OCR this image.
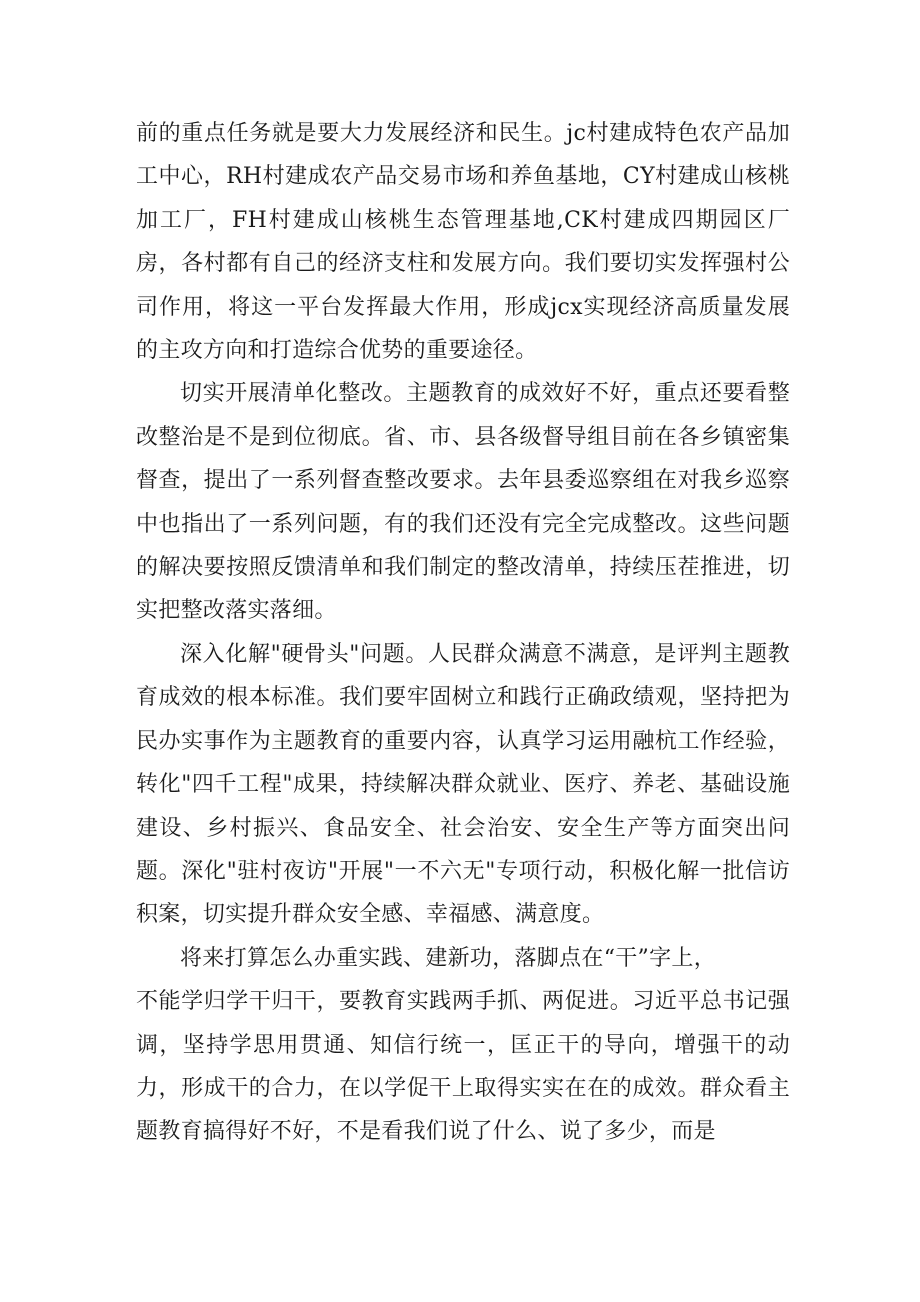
前的重点任务就是要大力发展经济和民生。jc村建成特色农产品加工中心，RH村建成农产品交易市场和养鱼基地，CY村建成山核桃加工厂，FH村建成山核桃生态管理基地,CK村建成四期园区厂房，各村都有自己的经济支柱和发展方向。我们要切实发挥强村公司作用，将这一平台发挥最大作用，形成jcx实现经济高质量发展的主攻方向和打造综合优势的重要途径。

切实开展清单化整改。主题教育的成效好不好，重点还要看整改整治是不是到位彻底。省、市、县各级督导组目前在各乡镇密集督查，提出了一系列督查整改要求。去年县委巡察组在对我乡巡察中也指出了一系列问题，有的我们还没有完全完成整改。这些问题的解决要按照反馈清单和我们制定的整改清单，持续压茬推进，切实把整改落实落细。

深入化解"硬骨头"问题。人民群众满意不满意，是评判主题教育成效的根本标准。我们要牢固树立和践行正确政绩观，坚持把为民办实事作为主题教育的重要内容，认真学习运用融杭工作经验，转化"四千工程"成果，持续解决群众就业、医疗、养老、基础设施建设、乡村振兴、食品安全、社会治安、安全生产等方面突出问题。深化"驻村夜访"开展"一不六无"专项行动，积极化解一批信访积案，切实提升群众安全感、幸福感、满意度。

将来打算怎么办重实践、建新功，落脚点在“干”字上，

不能学归学干归干，要教育实践两手抓、两促进。习近平总书记强调，坚持学思用贯通、知信行统一，匡正干的导向，增强干的动力，形成干的合力，在以学促干上取得实实在在的成效。群众看主题教育搞得好不好，不是看我们说了什么、说了多少，而是
